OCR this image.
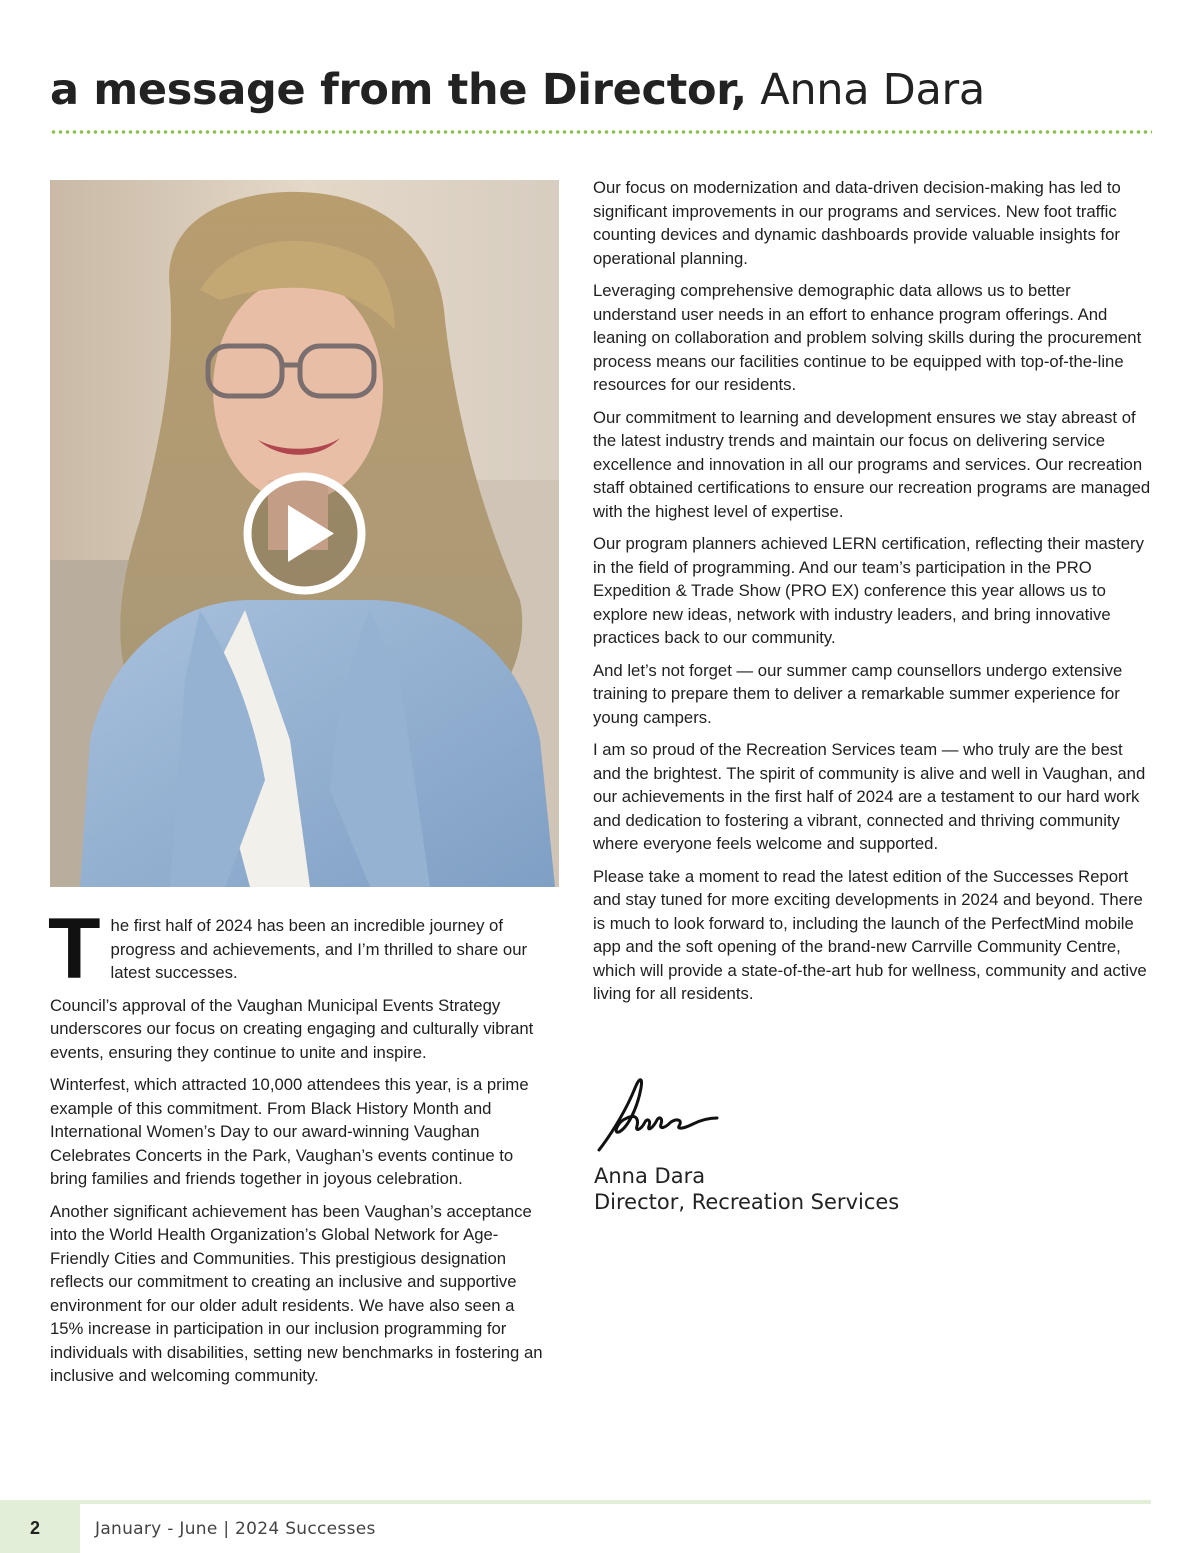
a message from the Director, Anna Dara

The first half of 2024 has been an incredible journey of progress and achievements, and I’m thrilled to share our latest successes.

Council’s approval of the Vaughan Municipal Events Strategy underscores our focus on creating engaging and culturally vibrant events, ensuring they continue to unite and inspire.

Winterfest, which attracted 10,000 attendees this year, is a prime example of this commitment. From Black History Month and International Women’s Day to our award-winning Vaughan Celebrates Concerts in the Park, Vaughan’s events continue to bring families and friends together in joyous celebration.

Another significant achievement has been Vaughan’s acceptance into the World Health Organization’s Global Network for Age-Friendly Cities and Communities. This prestigious designation reflects our commitment to creating an inclusive and supportive environment for our older adult residents. We have also seen a 15% increase in participation in our inclusion programming for individuals with disabilities, setting new benchmarks in fostering an inclusive and welcoming community.

Our focus on modernization and data-driven decision-making has led to significant improvements in our programs and services. New foot traffic counting devices and dynamic dashboards provide valuable insights for operational planning.

Leveraging comprehensive demographic data allows us to better understand user needs in an effort to enhance program offerings. And leaning on collaboration and problem solving skills during the procurement process means our facilities continue to be equipped with top-of-the-line resources for our residents.

Our commitment to learning and development ensures we stay abreast of the latest industry trends and maintain our focus on delivering service excellence and innovation in all our programs and services. Our recreation staff obtained certifications to ensure our recreation programs are managed with the highest level of expertise.

Our program planners achieved LERN certification, reflecting their mastery in the field of programming. And our team’s participation in the PRO Expedition & Trade Show (PRO EX) conference this year allows us to explore new ideas, network with industry leaders, and bring innovative practices back to our community.

And let’s not forget — our summer camp counsellors undergo extensive training to prepare them to deliver a remarkable summer experience for young campers.

I am so proud of the Recreation Services team — who truly are the best and the brightest. The spirit of community is alive and well in Vaughan, and our achievements in the first half of 2024 are a testament to our hard work and dedication to fostering a vibrant, connected and thriving community where everyone feels welcome and supported.

Please take a moment to read the latest edition of the Successes Report and stay tuned for more exciting developments in 2024 and beyond. There is much to look forward to, including the launch of the PerfectMind mobile app and the soft opening of the brand-new Carrville Community Centre, which will provide a state-of-the-art hub for wellness, community and active living for all residents.

Anna Dara
Director, Recreation Services
2	January - June | 2024 Successes
